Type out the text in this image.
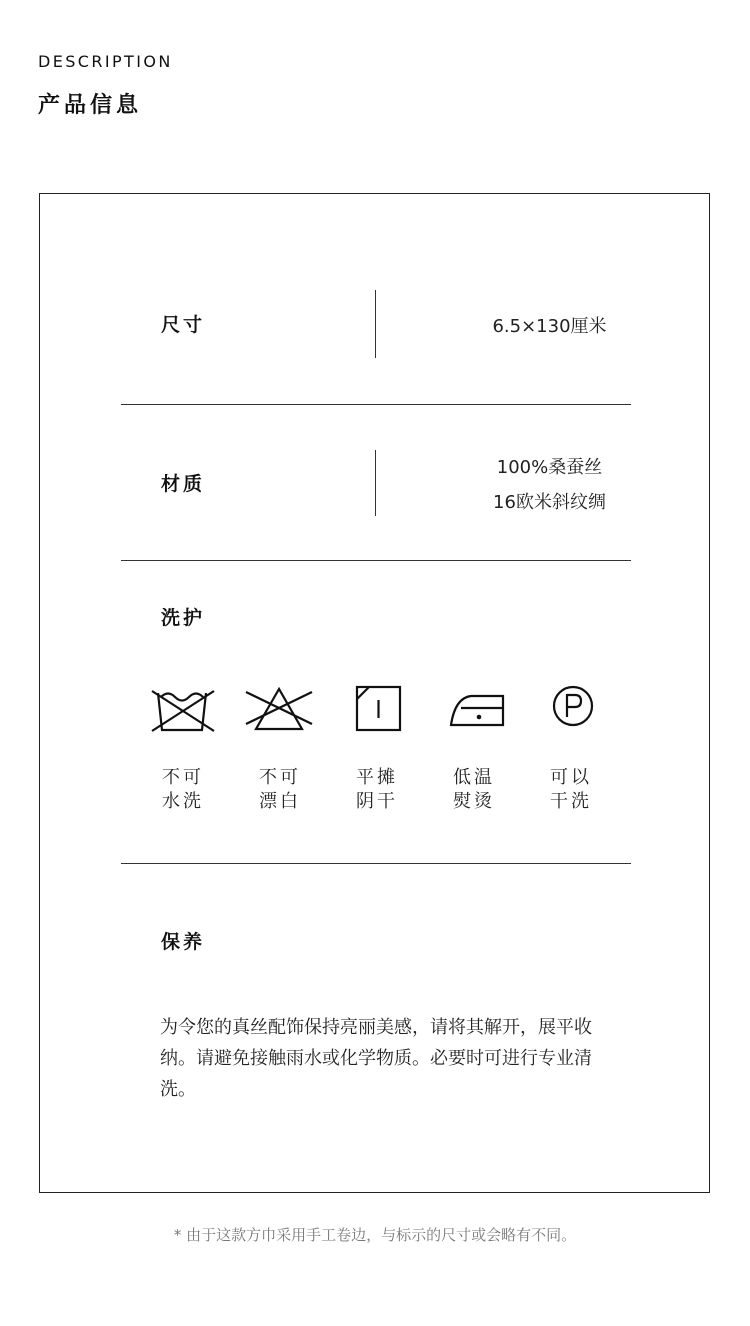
DESCRIPTION
产品信息
尺寸	6.5×130厘米
材质
100%桑蚕丝
16欧米斜纹绸
洗护
不可
水洗
不可
漂白
平摊
阴干
低温
熨烫
可以
干洗
保养
为令您的真丝配饰保持亮丽美感，请将其解开，展平收纳。请避免接触雨水或化学物质。必要时可进行专业清洗。
* 由于这款方巾采用手工卷边，与标示的尺寸或会略有不同。
